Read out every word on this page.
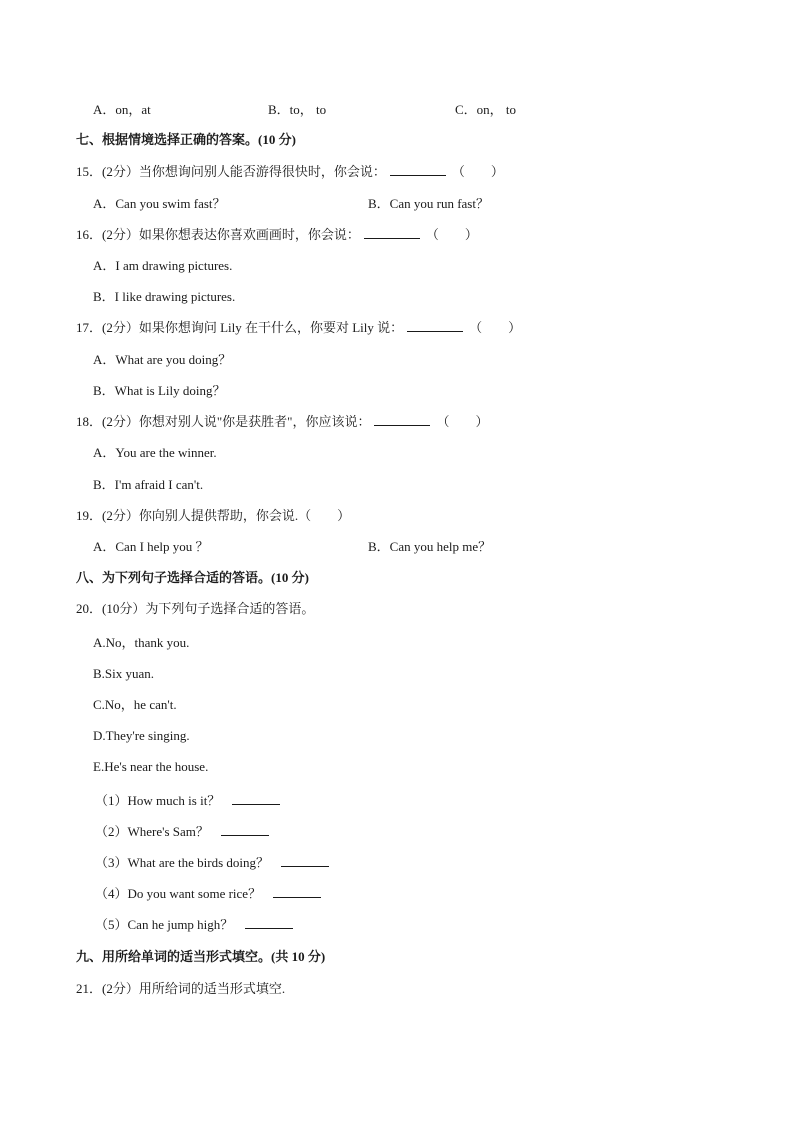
A．on，at	B．to， to	C．on， to
七、根据情境选择正确的答案。(10 分)
15．(2分）当你想询问别人能否游得很快时，你会说：	（　　）
A．Can you swim fast？	B．Can you run fast？
16．(2分）如果你想表达你喜欢画画时，你会说：	（　　）
A．I am drawing pictures.
B．I like drawing pictures.
17．(2分）如果你想询问 Lily 在干什么，你要对 Lily 说：	（　　）
A．What are you doing？
B．What is Lily doing？
18．(2分）你想对别人说"你是获胜者"，你应该说：	（　　）
A．You are the winner.
B．I'm afraid I can't.
19．(2分）你向别人提供帮助，你会说.（　　）
A．Can I help you ？	B．Can you help me？
八、为下列句子选择合适的答语。(10 分)
20．(10分）为下列句子选择合适的答语。
A.No，thank you.
B.Six yuan.
C.No，he can't.
D.They're singing.
E.He's near the house.
（1）How much is it？
（2）Where's Sam？
（3）What are the birds doing？
（4）Do you want some rice？
（5）Can he jump high？
九、用所给单词的适当形式填空。(共 10 分)
21．(2分）用所给词的适当形式填空.
